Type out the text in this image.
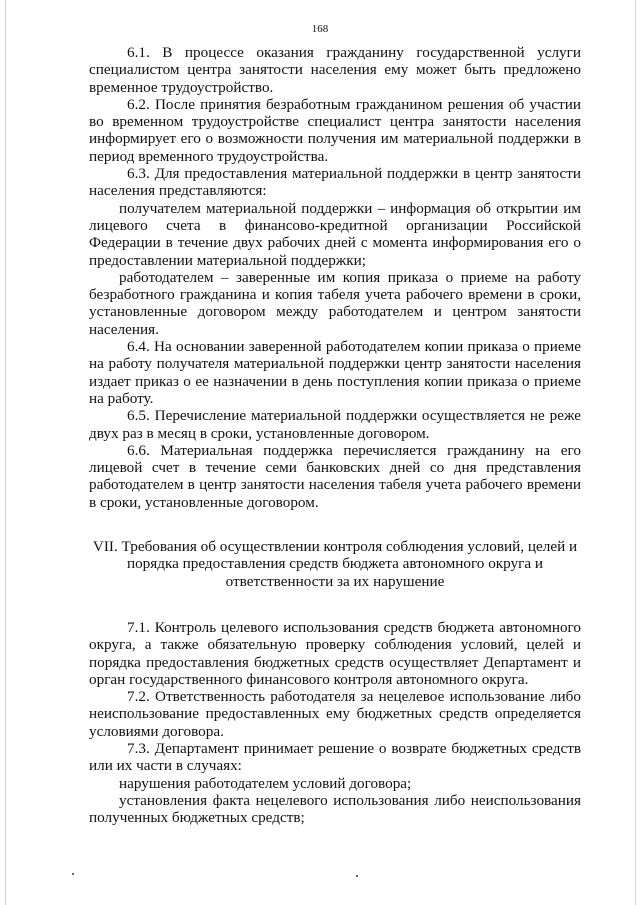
168

6.1. В процессе оказания гражданину государственной услуги специалистом центра занятости населения ему может быть предложено временное трудоустройство.

6.2. После принятия безработным гражданином решения об участии во временном трудоустройстве специалист центра занятости населения информирует его о возможности получения им материальной поддержки в период временного трудоустройства.

6.3. Для предоставления материальной поддержки в центр занятости населения представляются:

получателем материальной поддержки – информация об открытии им лицевого счета в финансово-кредитной организации Российской Федерации в течение двух рабочих дней с момента информирования его о предоставлении материальной поддержки;

работодателем – заверенные им копия приказа о приеме на работу безработного гражданина и копия табеля учета рабочего времени в сроки, установленные договором между работодателем и центром занятости населения.

6.4. На основании заверенной работодателем копии приказа о приеме на работу получателя материальной поддержки центр занятости населения издает приказ о ее назначении в день поступления копии приказа о приеме на работу.

6.5. Перечисление материальной поддержки осуществляется не реже двух раз в месяц в сроки, установленные договором.

6.6. Материальная поддержка перечисляется гражданину на его лицевой счет в течение семи банковских дней со дня представления работодателем в центр занятости населения табеля учета рабочего времени в сроки, установленные договором.

VII. Требования об осуществлении контроля соблюдения условий, целей и
порядка предоставления средств бюджета автономного округа и
ответственности за их нарушение

7.1. Контроль целевого использования средств бюджета автономного округа, а также обязательную проверку соблюдения условий, целей и порядка предоставления бюджетных средств осуществляет Департамент и орган государственного финансового контроля автономного округа.

7.2. Ответственность работодателя за нецелевое использование либо неиспользование предоставленных ему бюджетных средств определяется условиями договора.

7.3. Департамент принимает решение о возврате бюджетных средств или их части в случаях:

нарушения работодателем условий договора;

установления факта нецелевого использования либо неиспользования полученных бюджетных средств;
